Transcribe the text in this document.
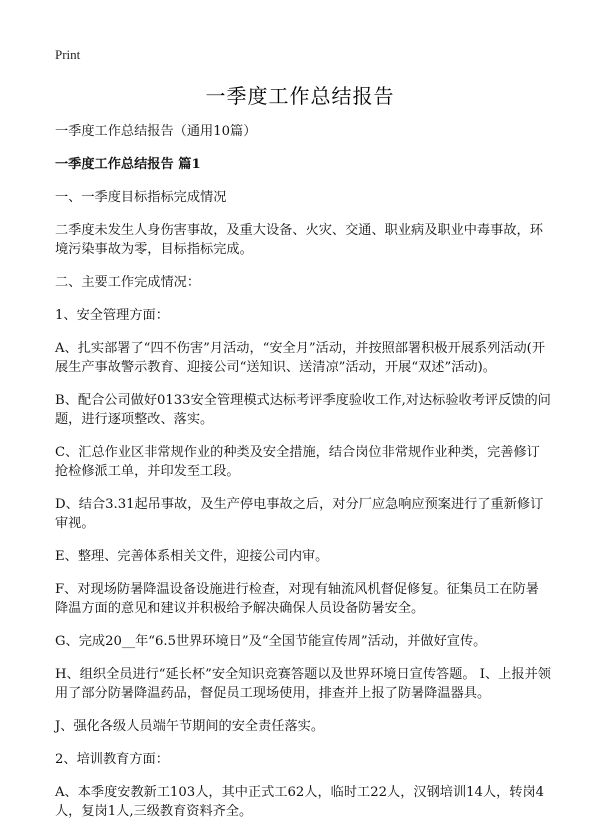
Print
一季度工作总结报告

一季度工作总结报告（通用10篇）

一季度工作总结报告 篇1

一、一季度目标指标完成情况

二季度未发生人身伤害事故，及重大设备、火灾、交通、职业病及职业中毒事故，环境污染事故为零，目标指标完成。

二、主要工作完成情况：

1、安全管理方面：

A、扎实部署了“四不伤害”月活动，“安全月”活动，并按照部署积极开展系列活动(开展生产事故警示教育、迎接公司“送知识、送清凉”活动，开展“双述”活动)。

B、配合公司做好0133安全管理模式达标考评季度验收工作,对达标验收考评反馈的问题，进行逐项整改、落实。

C、汇总作业区非常规作业的种类及安全措施，结合岗位非常规作业种类，完善修订抢检修派工单，并印发至工段。

D、结合3.31起吊事故，及生产停电事故之后，对分厂应急响应预案进行了重新修订审视。

E、整理、完善体系相关文件，迎接公司内审。

F、对现场防暑降温设备设施进行检查，对现有轴流风机督促修复。征集员工在防暑降温方面的意见和建议并积极给予解决确保人员设备防暑安全。

G、完成20__年“6.5世界环境日”及“全国节能宣传周”活动，并做好宣传。

H、组织全员进行“延长杯”安全知识竞赛答题以及世界环境日宣传答题。 I、上报并领用了部分防暑降温药品，督促员工现场使用，排查并上报了防暑降温器具。

J、强化各级人员端午节期间的安全责任落实。

2、培训教育方面：

A、本季度安教新工103人，其中正式工62人，临时工22人，汉钢培训14人，转岗4人，复岗1人,三级教育资料齐全。
